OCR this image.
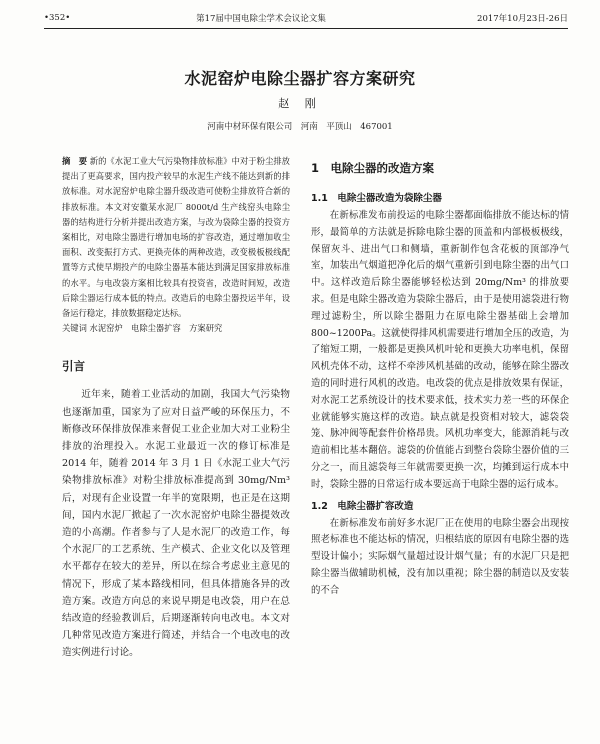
•352•	第17届中国电除尘学术会议论文集	2017年10月23日-26日
水泥窑炉电除尘器扩容方案研究
赵 刚
河南中材环保有限公司　河南　平顶山　467001
摘　要 新的《水泥工业大气污染物排放标准》中对于粉尘排放提出了更高要求，国内投产较早的水泥生产线不能达到新的排放标准。对水泥窑炉电除尘器升级改造可使粉尘排放符合新的排放标准。本文对安徽某水泥厂 8000t/d 生产线窑头电除尘器的结构进行分析并提出改造方案，与改为袋除尘器的投资方案相比，对电除尘器进行增加电场的扩容改造，通过增加收尘面积、改变振打方式、更换壳体的两种改造，改变极板极线配置等方式使早期投产的电除尘器基本能达到满足国家排放标准的水平。与电改袋方案相比较具有投资省，改造时间短，改造后除尘器运行成本低的特点。改造后的电除尘器投运半年，设备运行稳定，排放数据稳定达标。
关键词 水泥窑炉　电除尘器扩容　方案研究
引言

近年来，随着工业活动的加剧，我国大气污染物也逐渐加重，国家为了应对日益严峻的环保压力，不断修改环保排放保准来督促工业企业加大对工业粉尘排放的治理投入。水泥工业最近一次的修订标准是 2014 年，随着 2014 年 3 月 1 日《水泥工业大气污染物排放标准》对粉尘排放标准提高到 30mg/Nm³ 后，对现有企业设置一年半的宽限期，也正是在这期间，国内水泥厂掀起了一次水泥窑炉电除尘器提效改造的小高潮。作者参与了人是水泥厂的改造工作，每个水泥厂的工艺系统、生产模式、企业文化以及管理水平都存在较大的差异，所以在综合考虑业主意见的情况下，形成了某本路线相同，但具体措施各异的改造方案。改造方向总的来说早期是电改袋，用户在总结改造的经验教训后，后期逐渐转向电改电。本文对几种常见改造方案进行简述，并结合一个电改电的改造实例进行讨论。

1　电除尘器的改造方案
1.1　电除尘器改造为袋除尘器

在新标准发布前投运的电除尘器都面临排放不能达标的情形，最简单的方法就是拆除电除尘器的顶盖和内部极板极线，保留灰斗、进出气口和侧墙，重新制作包含花板的顶部净气室，加装出气烟道把净化后的烟气重新引到电除尘器的出气口中。这样改造后除尘器能够轻松达到 20mg/Nm³ 的排放要求。但是电除尘器改造为袋除尘器后，由于是使用滤袋进行物理过滤粉尘，所以除尘器阻力在原电除尘器基础上会增加 800~1200Pa。这就使得排风机需要进行增加全压的改造，为了缩短工期，一般都是更换风机叶轮和更换大功率电机，保留风机壳体不动，这样不牵涉风机基础的改动，能够在除尘器改造的同时进行风机的改造。电改袋的优点是排放效果有保证，对水泥工艺系统设计的技术要求低，技术实力差一些的环保企业就能够实施这样的改造。缺点就是投资相对较大，滤袋袋笼、脉冲阀等配套件价格昂贵。风机功率变大，能源消耗与改造前相比基本翻倍。滤袋的价值能占到整台袋除尘器价值的三分之一，而且滤袋每三年就需要更换一次，均摊到运行成本中时，袋除尘器的日常运行成本要远高于电除尘器的运行成本。

1.2　电除尘器扩容改造

在新标准发布前好多水泥厂正在使用的电除尘器会出现按照老标准也不能达标的情况，归根结底的原因有电除尘器的选型设计偏小；实际烟气量超过设计烟气量；有的水泥厂只是把除尘器当做辅助机械，没有加以重视；除尘器的制造以及安装的不合
